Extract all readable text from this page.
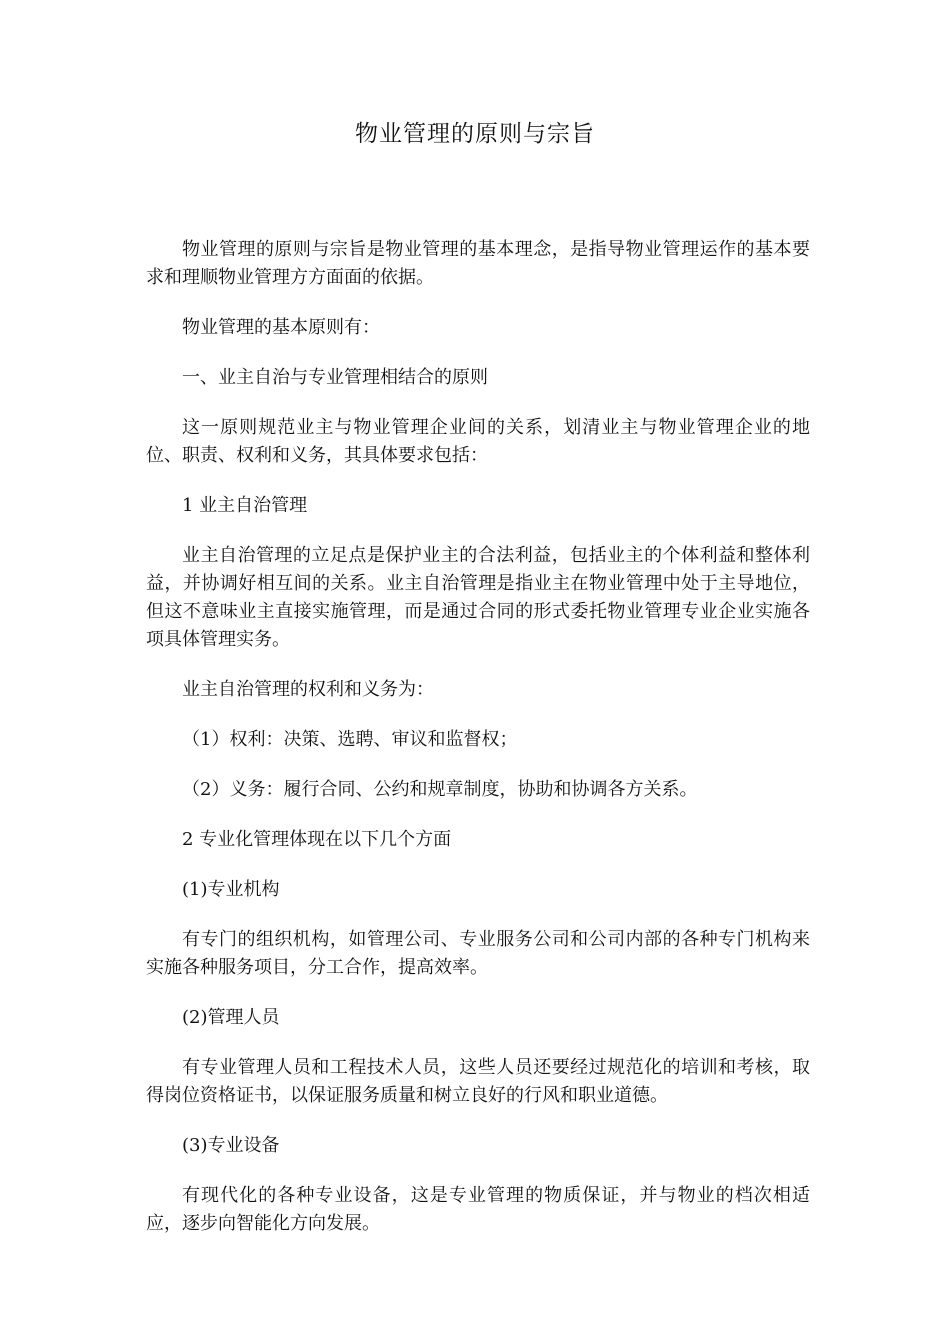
物业管理的原则与宗旨

物业管理的原则与宗旨是物业管理的基本理念，是指导物业管理运作的基本要求和理顺物业管理方方面面的依据。

物业管理的基本原则有：

一、业主自治与专业管理相结合的原则

这一原则规范业主与物业管理企业间的关系，划清业主与物业管理企业的地位、职责、权利和义务，其具体要求包括：

1 业主自治管理

业主自治管理的立足点是保护业主的合法利益，包括业主的个体利益和整体利益，并协调好相互间的关系。业主自治管理是指业主在物业管理中处于主导地位，但这不意味业主直接实施管理，而是通过合同的形式委托物业管理专业企业实施各项具体管理实务。

业主自治管理的权利和义务为：

（1）权利：决策、选聘、审议和监督权；

（2）义务：履行合同、公约和规章制度，协助和协调各方关系。

2 专业化管理体现在以下几个方面

(1)专业机构

有专门的组织机构，如管理公司、专业服务公司和公司内部的各种专门机构来实施各种服务项目，分工合作，提高效率。

(2)管理人员

有专业管理人员和工程技术人员，这些人员还要经过规范化的培训和考核，取得岗位资格证书，以保证服务质量和树立良好的行风和职业道德。

(3)专业设备

有现代化的各种专业设备，这是专业管理的物质保证，并与物业的档次相适应，逐步向智能化方向发展。
